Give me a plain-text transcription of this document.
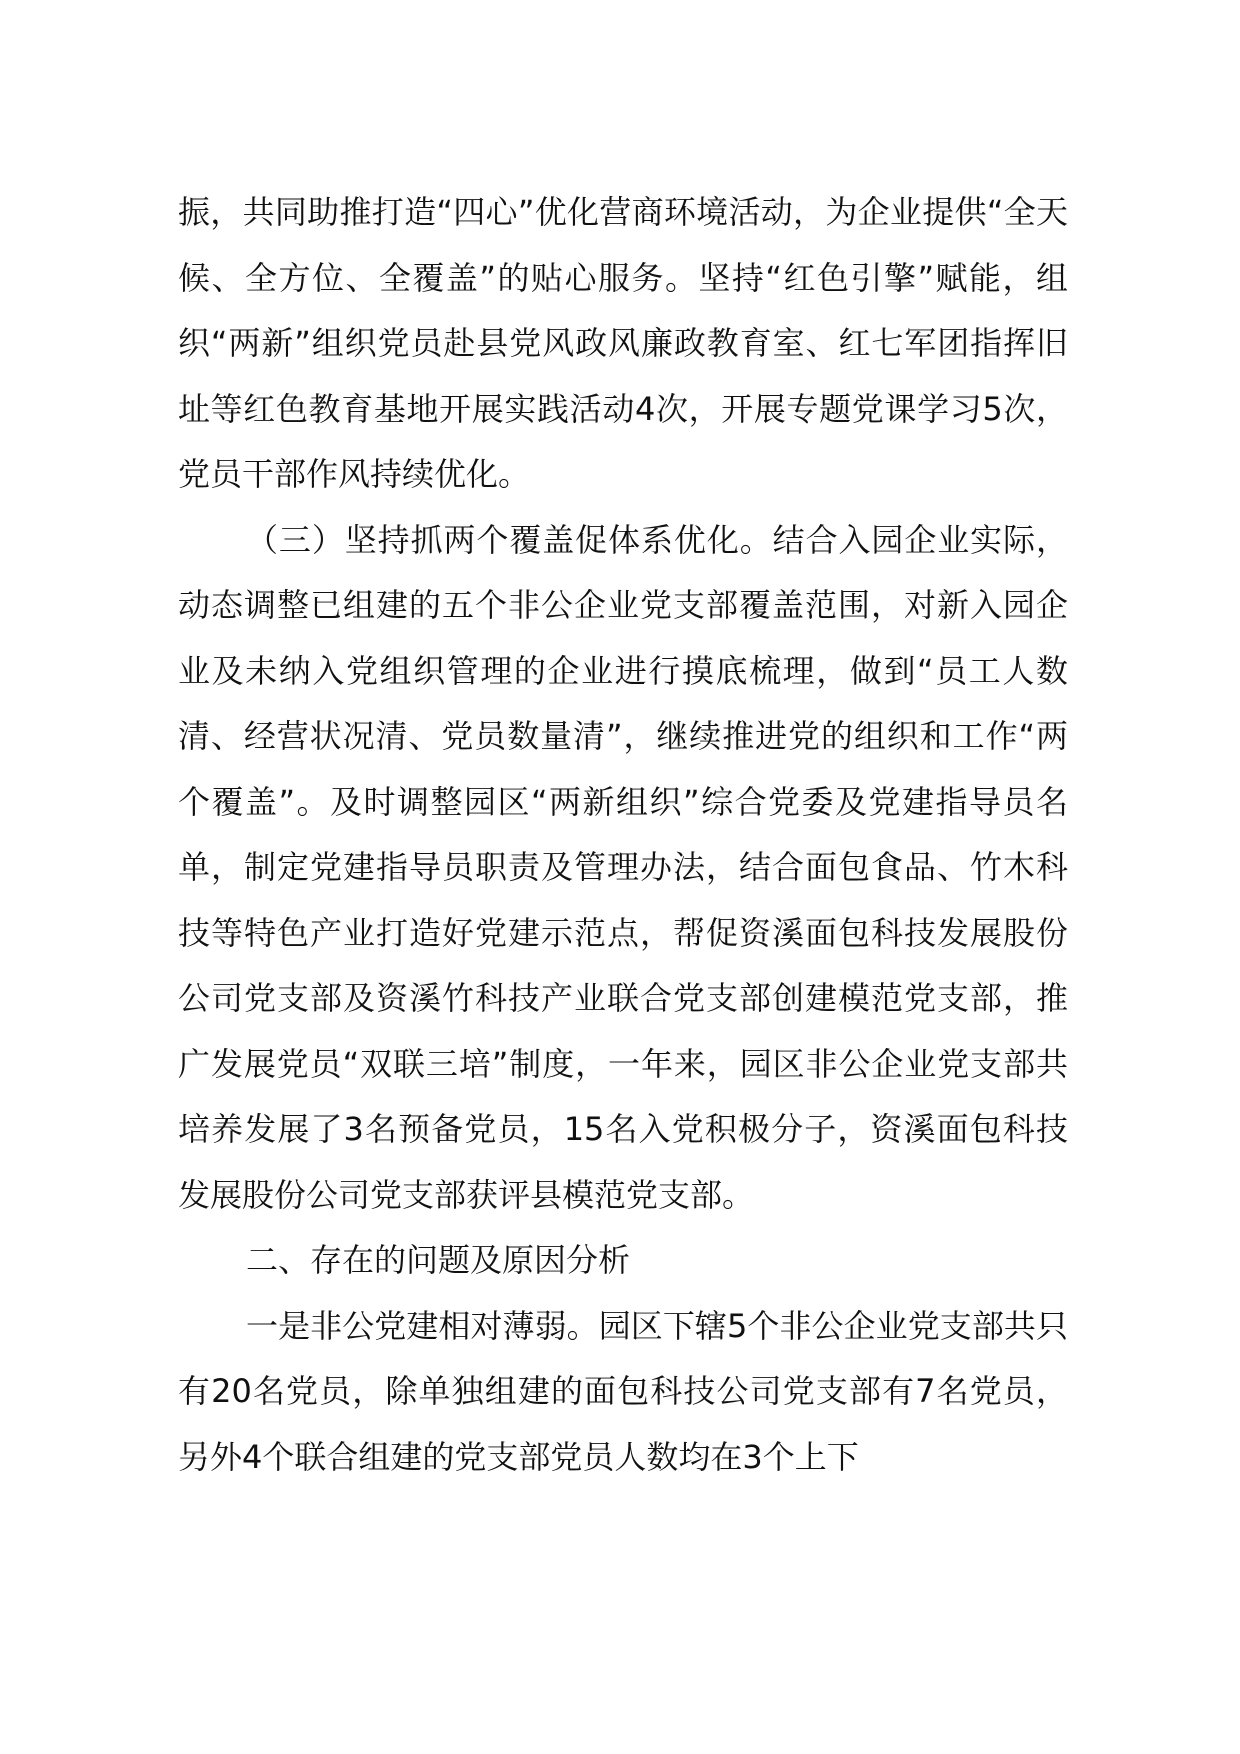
振，共同助推打造“四心”优化营商环境活动，为企业提供“全天候、全方位、全覆盖”的贴心服务。坚持“红色引擎”赋能，组织“两新”组织党员赴县党风政风廉政教育室、红七军团指挥旧址等红色教育基地开展实践活动4次，开展专题党课学习5次，党员干部作风持续优化。

（三）坚持抓两个覆盖促体系优化。结合入园企业实际，动态调整已组建的五个非公企业党支部覆盖范围，对新入园企业及未纳入党组织管理的企业进行摸底梳理，做到“员工人数清、经营状况清、党员数量清”，继续推进党的组织和工作“两个覆盖”。及时调整园区“两新组织”综合党委及党建指导员名单，制定党建指导员职责及管理办法，结合面包食品、竹木科技等特色产业打造好党建示范点，帮促资溪面包科技发展股份公司党支部及资溪竹科技产业联合党支部创建模范党支部，推广发展党员“双联三培”制度，一年来，园区非公企业党支部共培养发展了3名预备党员，15名入党积极分子，资溪面包科技发展股份公司党支部获评县模范党支部。

二、存在的问题及原因分析

一是非公党建相对薄弱。园区下辖5个非公企业党支部共只有20名党员，除单独组建的面包科技公司党支部有7名党员，另外4个联合组建的党支部党员人数均在3个上下
